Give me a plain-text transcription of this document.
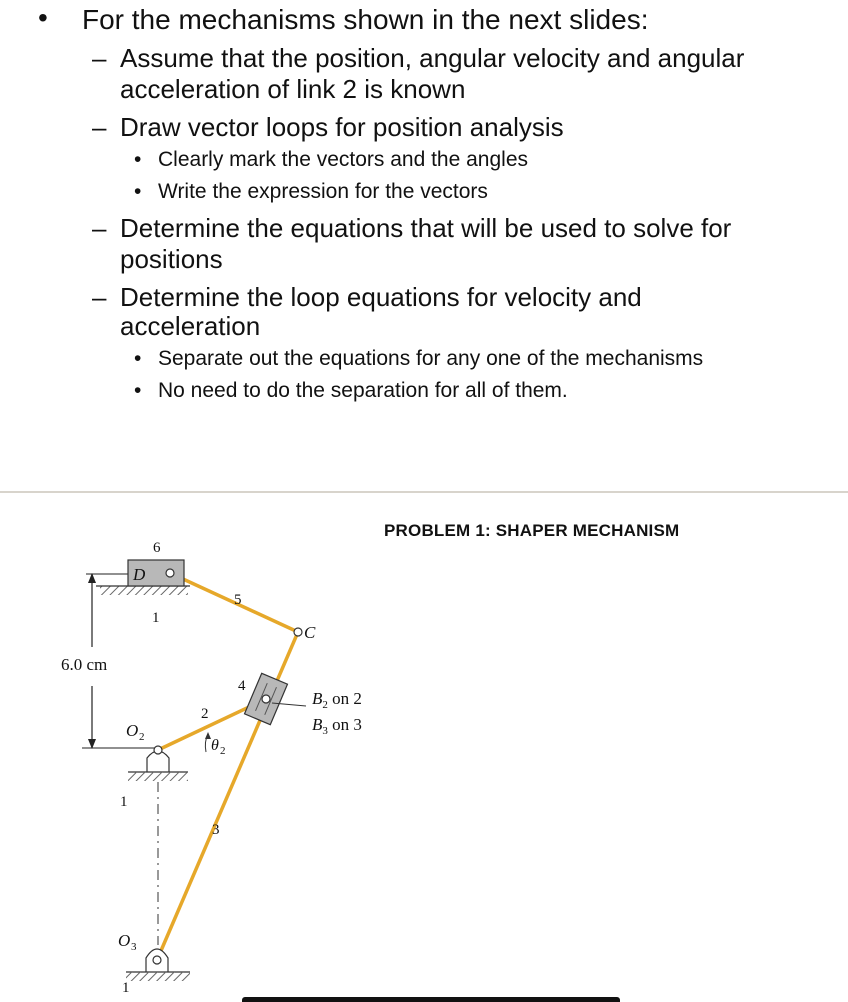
• For the mechanisms shown in the next slides:
– Assume that the position, angular velocity and angular
acceleration of link 2 is known
– Draw vector loops for position analysis
• Clearly mark the vectors and the angles
• Write the expression for the vectors
– Determine the equations that will be used to solve for
positions
– Determine the loop equations for velocity and
acceleration
• Separate out the equations for any one of the mechanisms
• No need to do the separation for all of them.
PROBLEM 1: SHAPER MECHANISM
6.0 cm
D
C
6
1
5
4
2
3
1
1
O 2
O 3
θ 2
$B_2$ on 2
$B_3$ on 3
